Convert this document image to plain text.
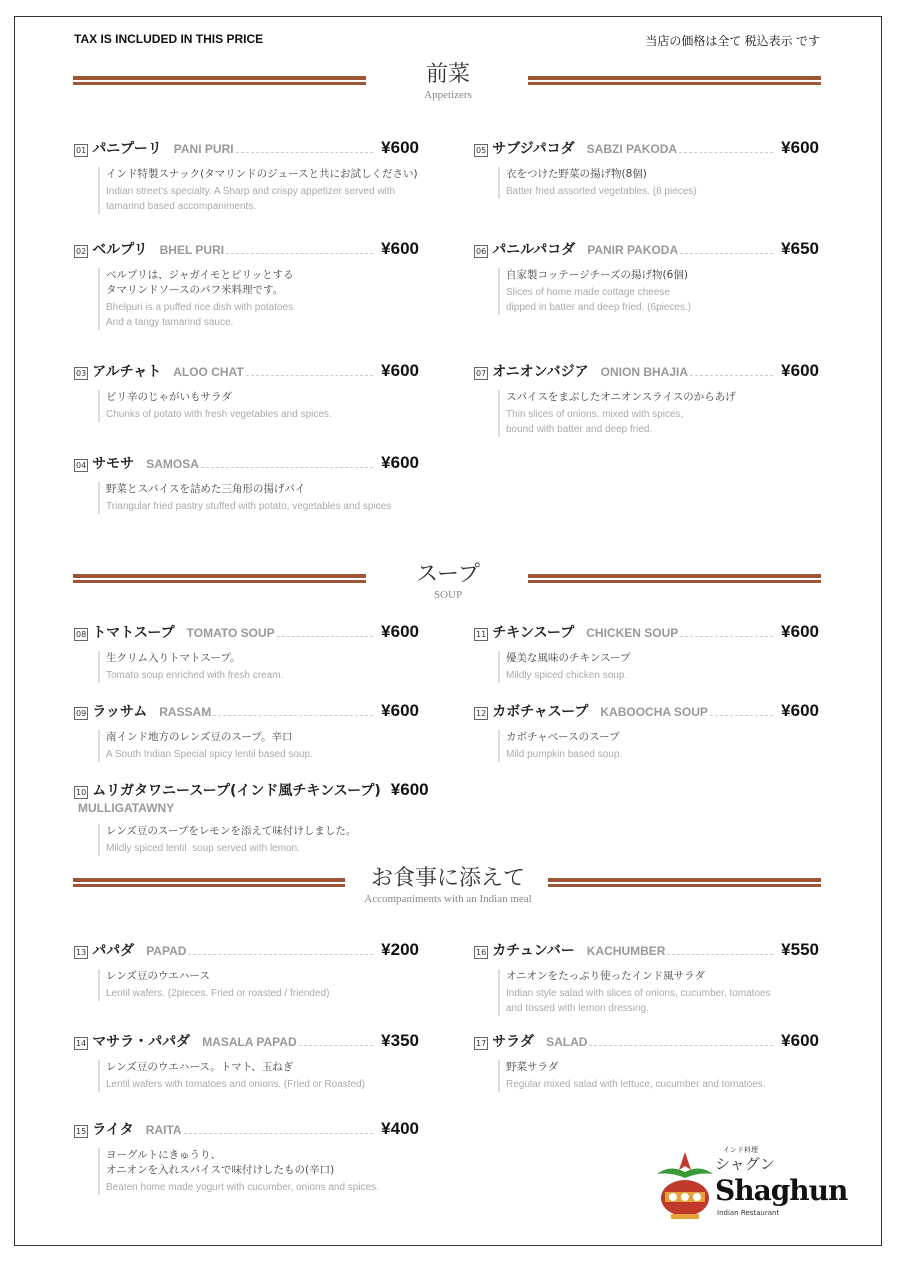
TAX IS INCLUDED IN THIS PRICE	当店の価格は全て 税込表示 です
前菜
Appetizers
スープ
SOUP
お食事に添えて
Accompaniments with an Indian meal
01 パニプーリ PANI PURI	¥600
インド特製スナック(タマリンドのジュースと共にお試しください)
Indian street's specialty. A Sharp and crispy appetizer served with
tamarind based accompaniments.
02 ベルプリ BHEL PURI	¥600
ベルプリは、ジャガイモとピリッとする
タマリンドソースのパフ米料理です。
Bhelpuri is a puffed rice dish with potatoes
And a tangy tamarind sauce.
03 アルチャト ALOO CHAT	¥600
ピリ辛のじゃがいもサラダ
Chunks of potato with fresh vegetables and spices.
04 サモサ SAMOSA	¥600
野菜とスパイスを詰めた三角形の揚げパイ
Triangular fried pastry stuffed with potato, vegetables and spices
05 サブジパコダ SABZI PAKODA	¥600
衣をつけた野菜の揚げ物(8個)
Batter fried assorted vegetables. (8 pieces)
06 パニルパコダ PANIR PAKODA	¥650
自家製コッテージチーズの揚げ物(6個)
Slices of home made cottage cheese
dipped in batter and deep fried. (6pieces.)
07 オニオンバジア ONION BHAJIA	¥600
スパイスをまぶしたオニオンスライスのからあげ
Thin slices of onions, mixed with spices,
bound with batter and deep fried.
08 トマトスープ TOMATO SOUP	¥600
生クリム入りトマトスープ。
Tomato soup enriched with fresh cream.
09 ラッサム RASSAM	¥600
南インド地方のレンズ豆のスープ。辛口
A South Indian Special spicy lentil based soup.
10 ムリガタワニースープ(インド風チキンスープ) ¥600
MULLIGATAWNY
レンズ豆のスープをレモンを添えて味付けしました。
Mildly spiced lentil  soup served with lemon.
11 チキンスープ CHICKEN SOUP	¥600
優美な風味のチキンスープ
Mildly spiced chicken soup.
12 カボチャスープ KABOOCHA SOUP	¥600
カボチャベースのスープ
Mild pumpkin based soup.
13 パパダ PAPAD	¥200
レンズ豆のウエハース
Lentil wafers. (2pieces. Fried or roasted / friended)
14 マサラ・パパダ MASALA PAPAD	¥350
レンズ豆のウエハース。トマト、玉ねぎ
Lentil wafers with tomatoes and onions. (Fried or Roasted)
15 ライタ RAITA	¥400
ヨーグルトにきゅうり、
オニオンを入れスパイスで味付けしたもの(辛口)
Beaten home made yogurt with cucumber, onions and spices.
16 カチュンバー KACHUMBER	¥550
オニオンをたっぷり使ったインド風サラダ
Indian style salad with slices of onions, cucumber, tomatoes
and tossed with lemon dressing.
17 サラダ SALAD	¥600
野菜サラダ
Regular mixed salad with lettuce, cucumber and tomatoes.
インド料理
シャグン
Shaghun
Indian Restaurant
